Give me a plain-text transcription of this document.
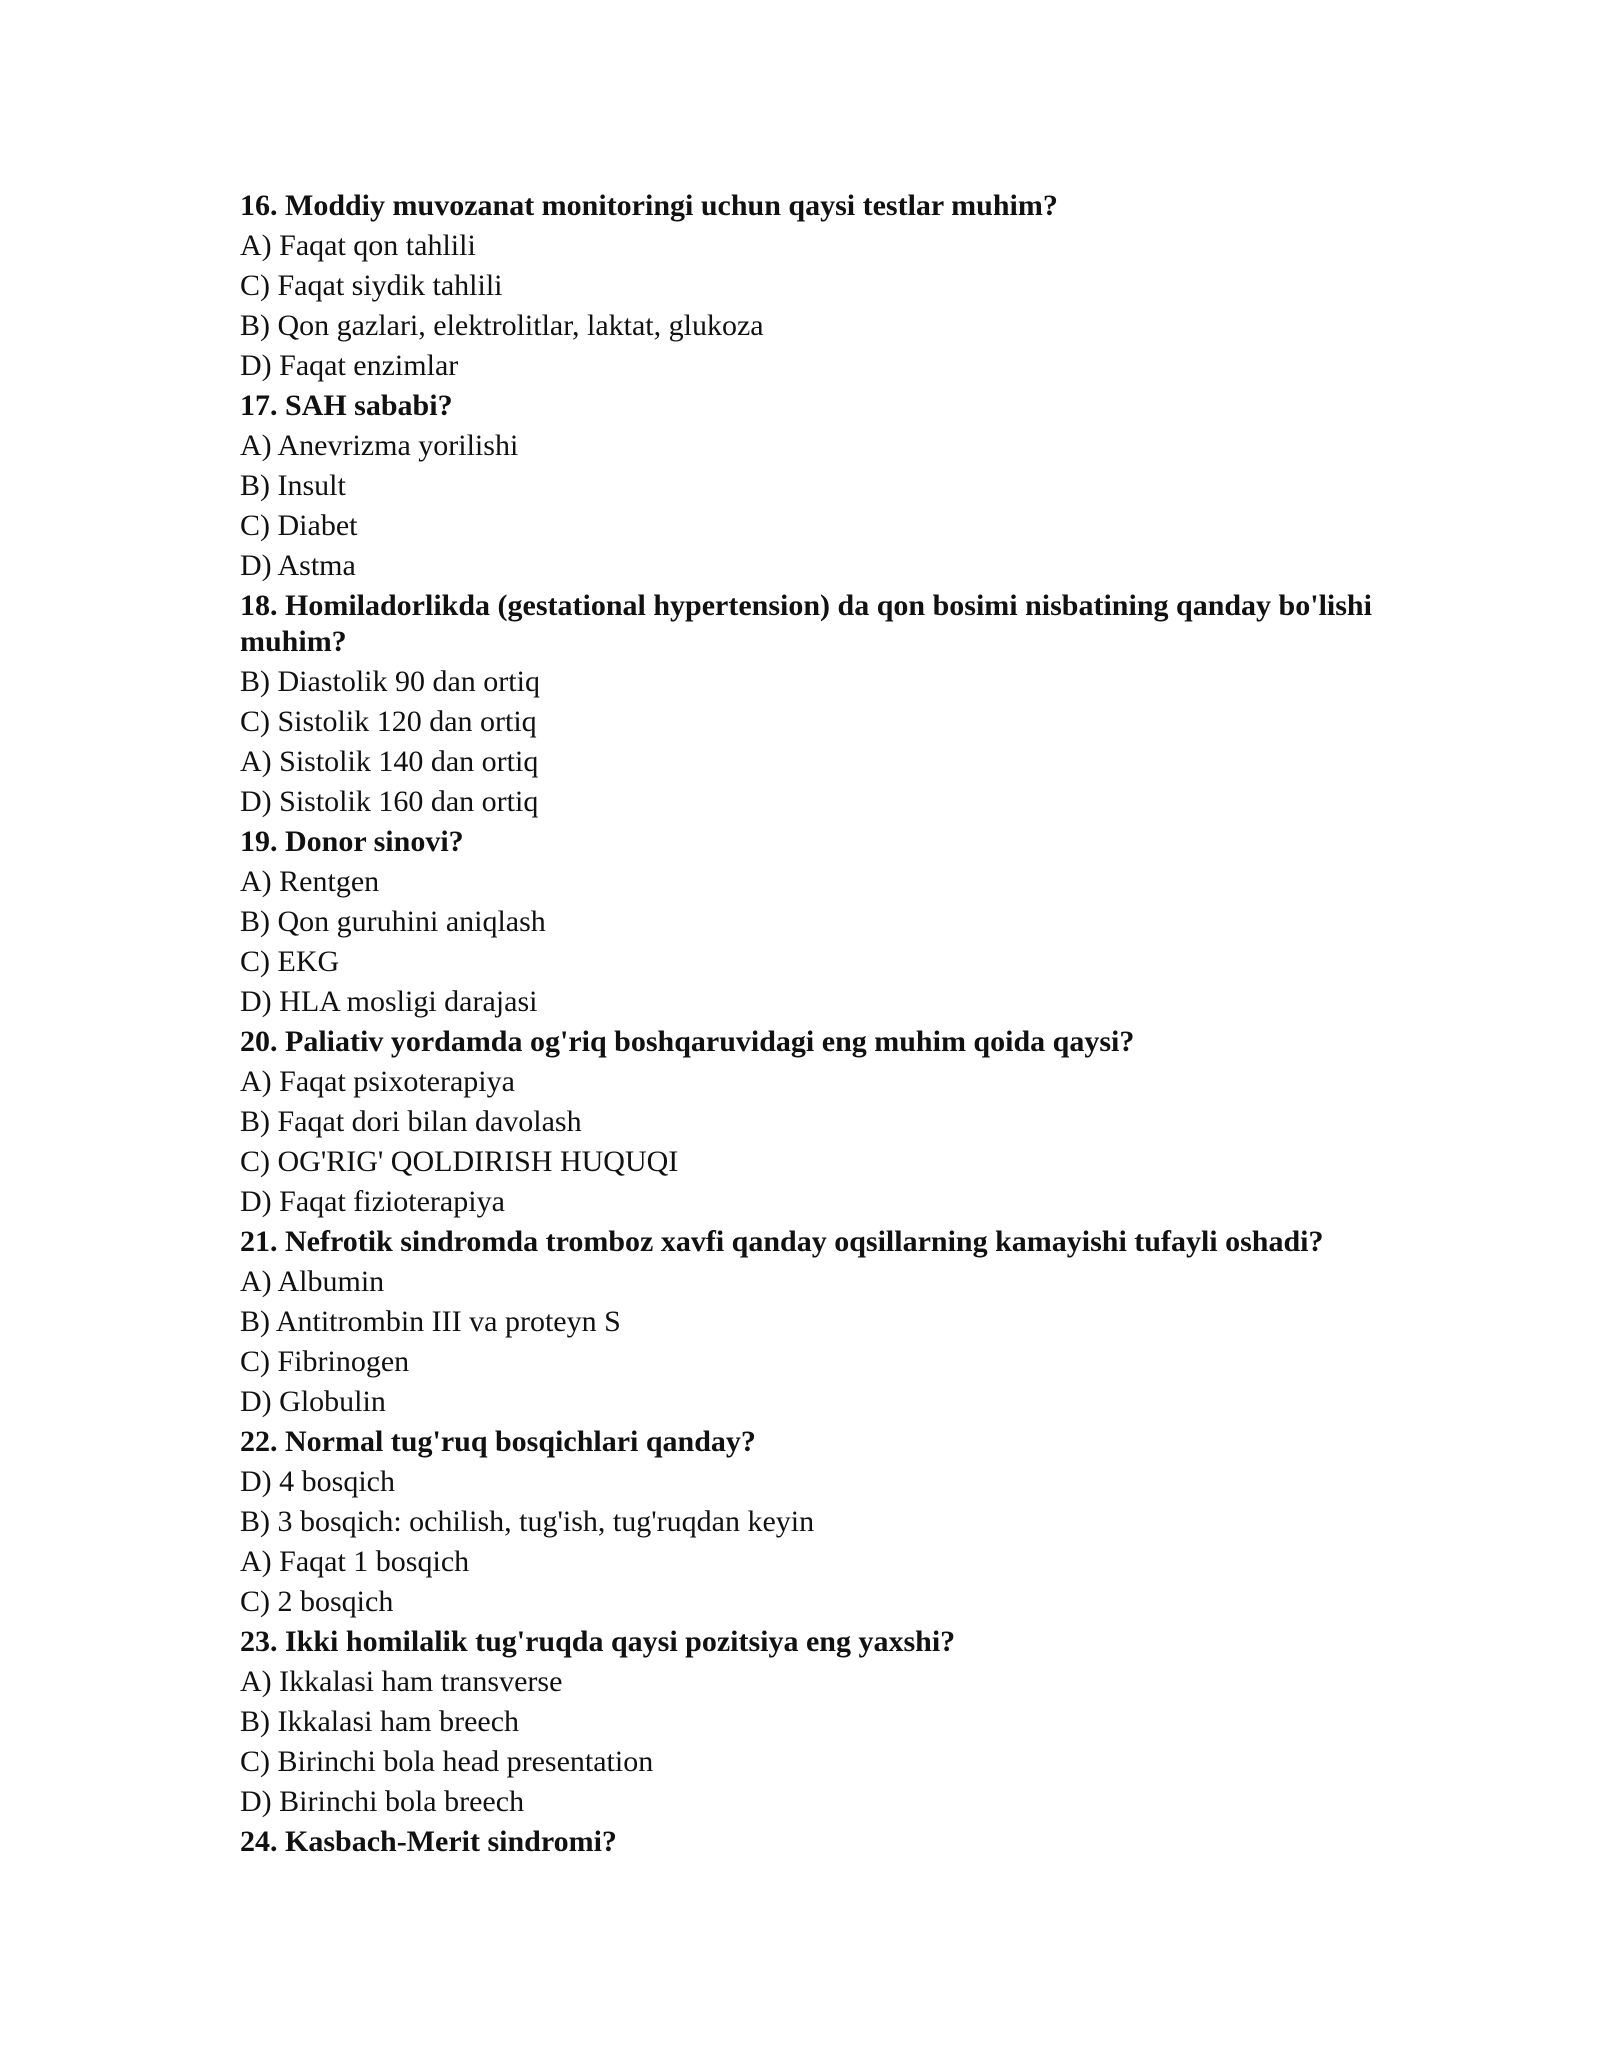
16. Moddiy muvozanat monitoringi uchun qaysi testlar muhim?

A) Faqat qon tahlili

C) Faqat siydik tahlili

B) Qon gazlari, elektrolitlar, laktat, glukoza

D) Faqat enzimlar

17. SAH sababi?

A) Anevrizma yorilishi

B) Insult

C) Diabet

D) Astma

18. Homiladorlikda (gestational hypertension) da qon bosimi nisbatining qanday bo'lishi muhim?

B) Diastolik 90 dan ortiq

C) Sistolik 120 dan ortiq

A) Sistolik 140 dan ortiq

D) Sistolik 160 dan ortiq

19. Donor sinovi?

A) Rentgen

B) Qon guruhini aniqlash

C) EKG

D) HLA mosligi darajasi

20. Paliativ yordamda og'riq boshqaruvidagi eng muhim qoida qaysi?

A) Faqat psixoterapiya

B) Faqat dori bilan davolash

C) OG'RIG' QOLDIRISH HUQUQI

D) Faqat fizioterapiya

21. Nefrotik sindromda tromboz xavfi qanday oqsillarning kamayishi tufayli oshadi?

A) Albumin

B) Antitrombin III va proteyn S

C) Fibrinogen

D) Globulin

22. Normal tug'ruq bosqichlari qanday?

D) 4 bosqich

B) 3 bosqich: ochilish, tug'ish, tug'ruqdan keyin

A) Faqat 1 bosqich

C) 2 bosqich

23. Ikki homilalik tug'ruqda qaysi pozitsiya eng yaxshi?

A) Ikkalasi ham transverse

B) Ikkalasi ham breech

C) Birinchi bola head presentation

D) Birinchi bola breech

24. Kasbach-Merit sindromi?
